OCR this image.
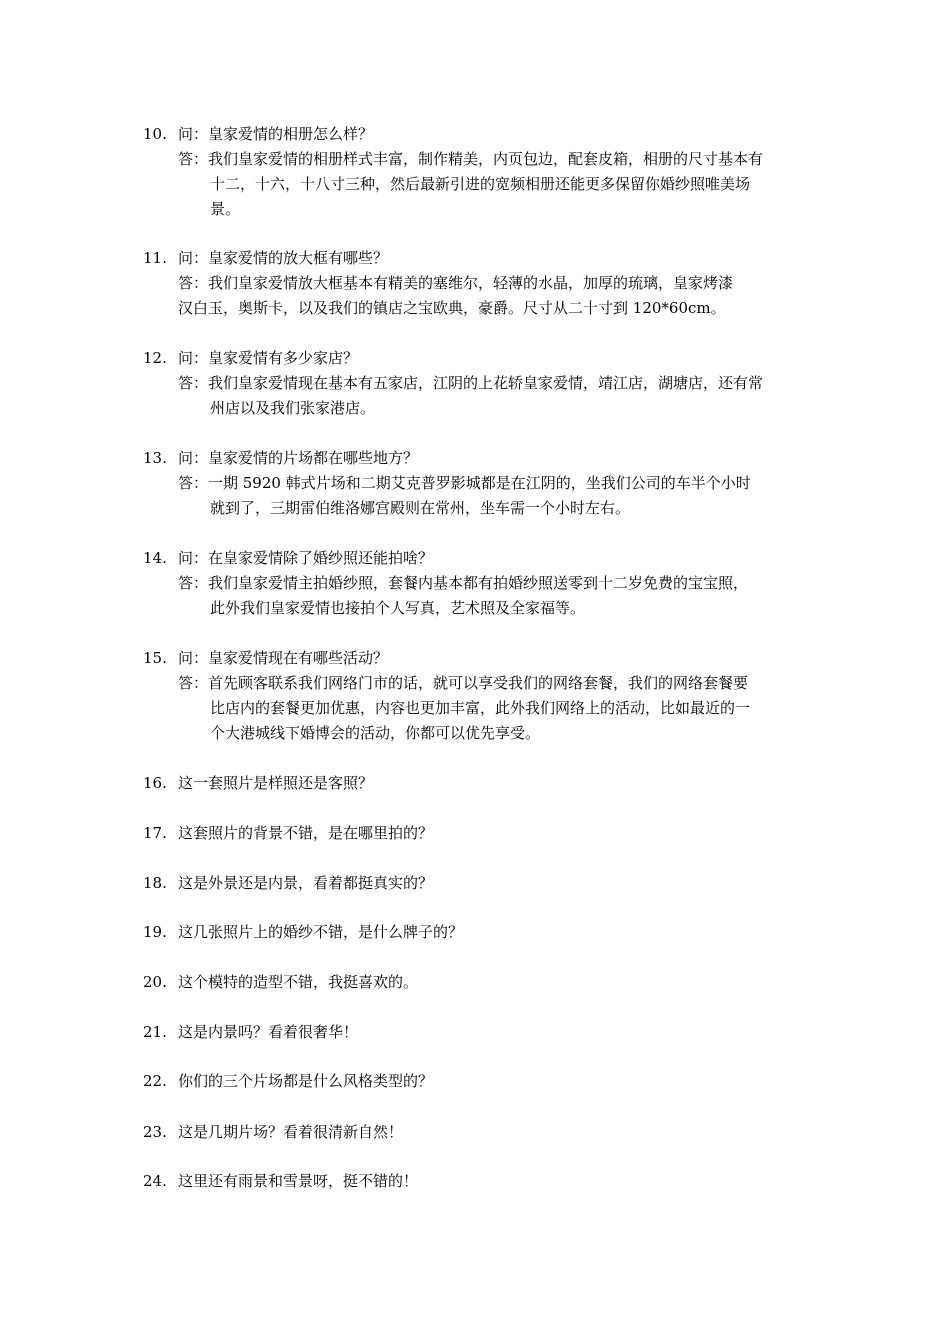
10. 问：皇家爱情的相册怎么样？
答：我们皇家爱情的相册样式丰富，制作精美，内页包边，配套皮箱，相册的尺寸基本有
十二，十六，十八寸三种，然后最新引进的宽频相册还能更多保留你婚纱照唯美场
景。
11. 问：皇家爱情的放大框有哪些？
答：我们皇家爱情放大框基本有精美的塞维尔，轻薄的水晶，加厚的琉璃，皇家烤漆
汉白玉，奥斯卡，以及我们的镇店之宝欧典，豪爵。尺寸从二十寸到 120*60cm。
12. 问：皇家爱情有多少家店？
答：我们皇家爱情现在基本有五家店，江阴的上花轿皇家爱情，靖江店，湖塘店，还有常
州店以及我们张家港店。
13. 问：皇家爱情的片场都在哪些地方？
答：一期 5920 韩式片场和二期艾克普罗影城都是在江阴的，坐我们公司的车半个小时
就到了，三期雷伯维洛娜宫殿则在常州，坐车需一个小时左右。
14. 问：在皇家爱情除了婚纱照还能拍啥？
答：我们皇家爱情主拍婚纱照，套餐内基本都有拍婚纱照送零到十二岁免费的宝宝照，
此外我们皇家爱情也接拍个人写真，艺术照及全家福等。
15. 问：皇家爱情现在有哪些活动？
答：首先顾客联系我们网络门市的话，就可以享受我们的网络套餐，我们的网络套餐要
比店内的套餐更加优惠，内容也更加丰富，此外我们网络上的活动，比如最近的一
个大港城线下婚博会的活动，你都可以优先享受。
16. 这一套照片是样照还是客照？
17. 这套照片的背景不错，是在哪里拍的？
18. 这是外景还是内景，看着都挺真实的？
19. 这几张照片上的婚纱不错，是什么牌子的？
20. 这个模特的造型不错，我挺喜欢的。
21. 这是内景吗？看着很奢华！
22. 你们的三个片场都是什么风格类型的？
23. 这是几期片场？看着很清新自然！
24. 这里还有雨景和雪景呀，挺不错的！
